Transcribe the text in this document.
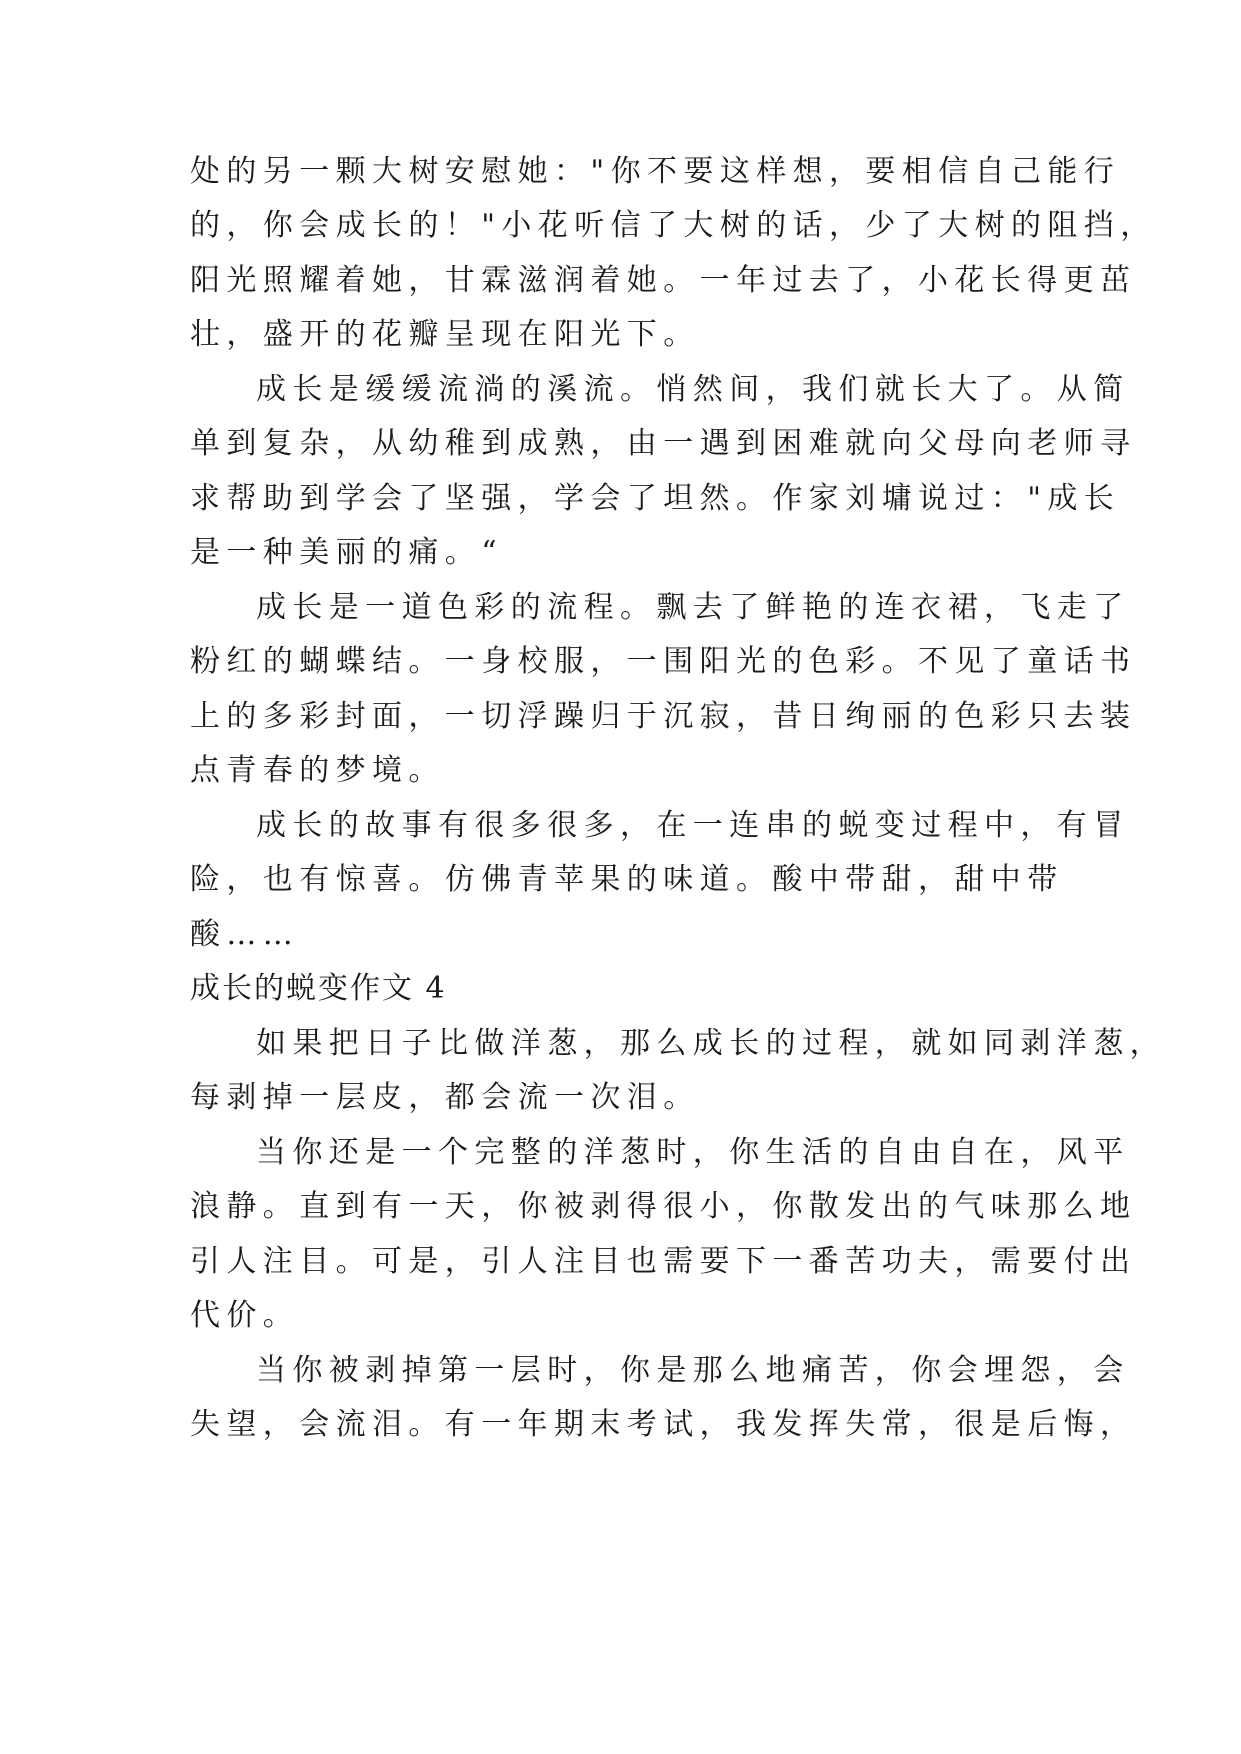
处的另一颗大树安慰她："你不要这样想，要相信自己能行
的，你会成长的！"小花听信了大树的话，少了大树的阻挡，
阳光照耀着她，甘霖滋润着她。一年过去了，小花长得更茁
壮，盛开的花瓣呈现在阳光下。
成长是缓缓流淌的溪流。悄然间，我们就长大了。从简
单到复杂，从幼稚到成熟，由一遇到困难就向父母向老师寻
求帮助到学会了坚强，学会了坦然。作家刘墉说过："成长
是一种美丽的痛。“
成长是一道色彩的流程。飘去了鲜艳的连衣裙，飞走了
粉红的蝴蝶结。一身校服，一围阳光的色彩。不见了童话书
上的多彩封面，一切浮躁归于沉寂，昔日绚丽的色彩只去装
点青春的梦境。
成长的故事有很多很多，在一连串的蜕变过程中，有冒
险，也有惊喜。仿佛青苹果的味道。酸中带甜，甜中带
酸……
成长的蜕变作文 4
如果把日子比做洋葱，那么成长的过程，就如同剥洋葱，
每剥掉一层皮，都会流一次泪。
当你还是一个完整的洋葱时，你生活的自由自在，风平
浪静。直到有一天，你被剥得很小，你散发出的气味那么地
引人注目。可是，引人注目也需要下一番苦功夫，需要付出
代价。
当你被剥掉第一层时，你是那么地痛苦，你会埋怨，会
失望，会流泪。有一年期末考试，我发挥失常，很是后悔，
